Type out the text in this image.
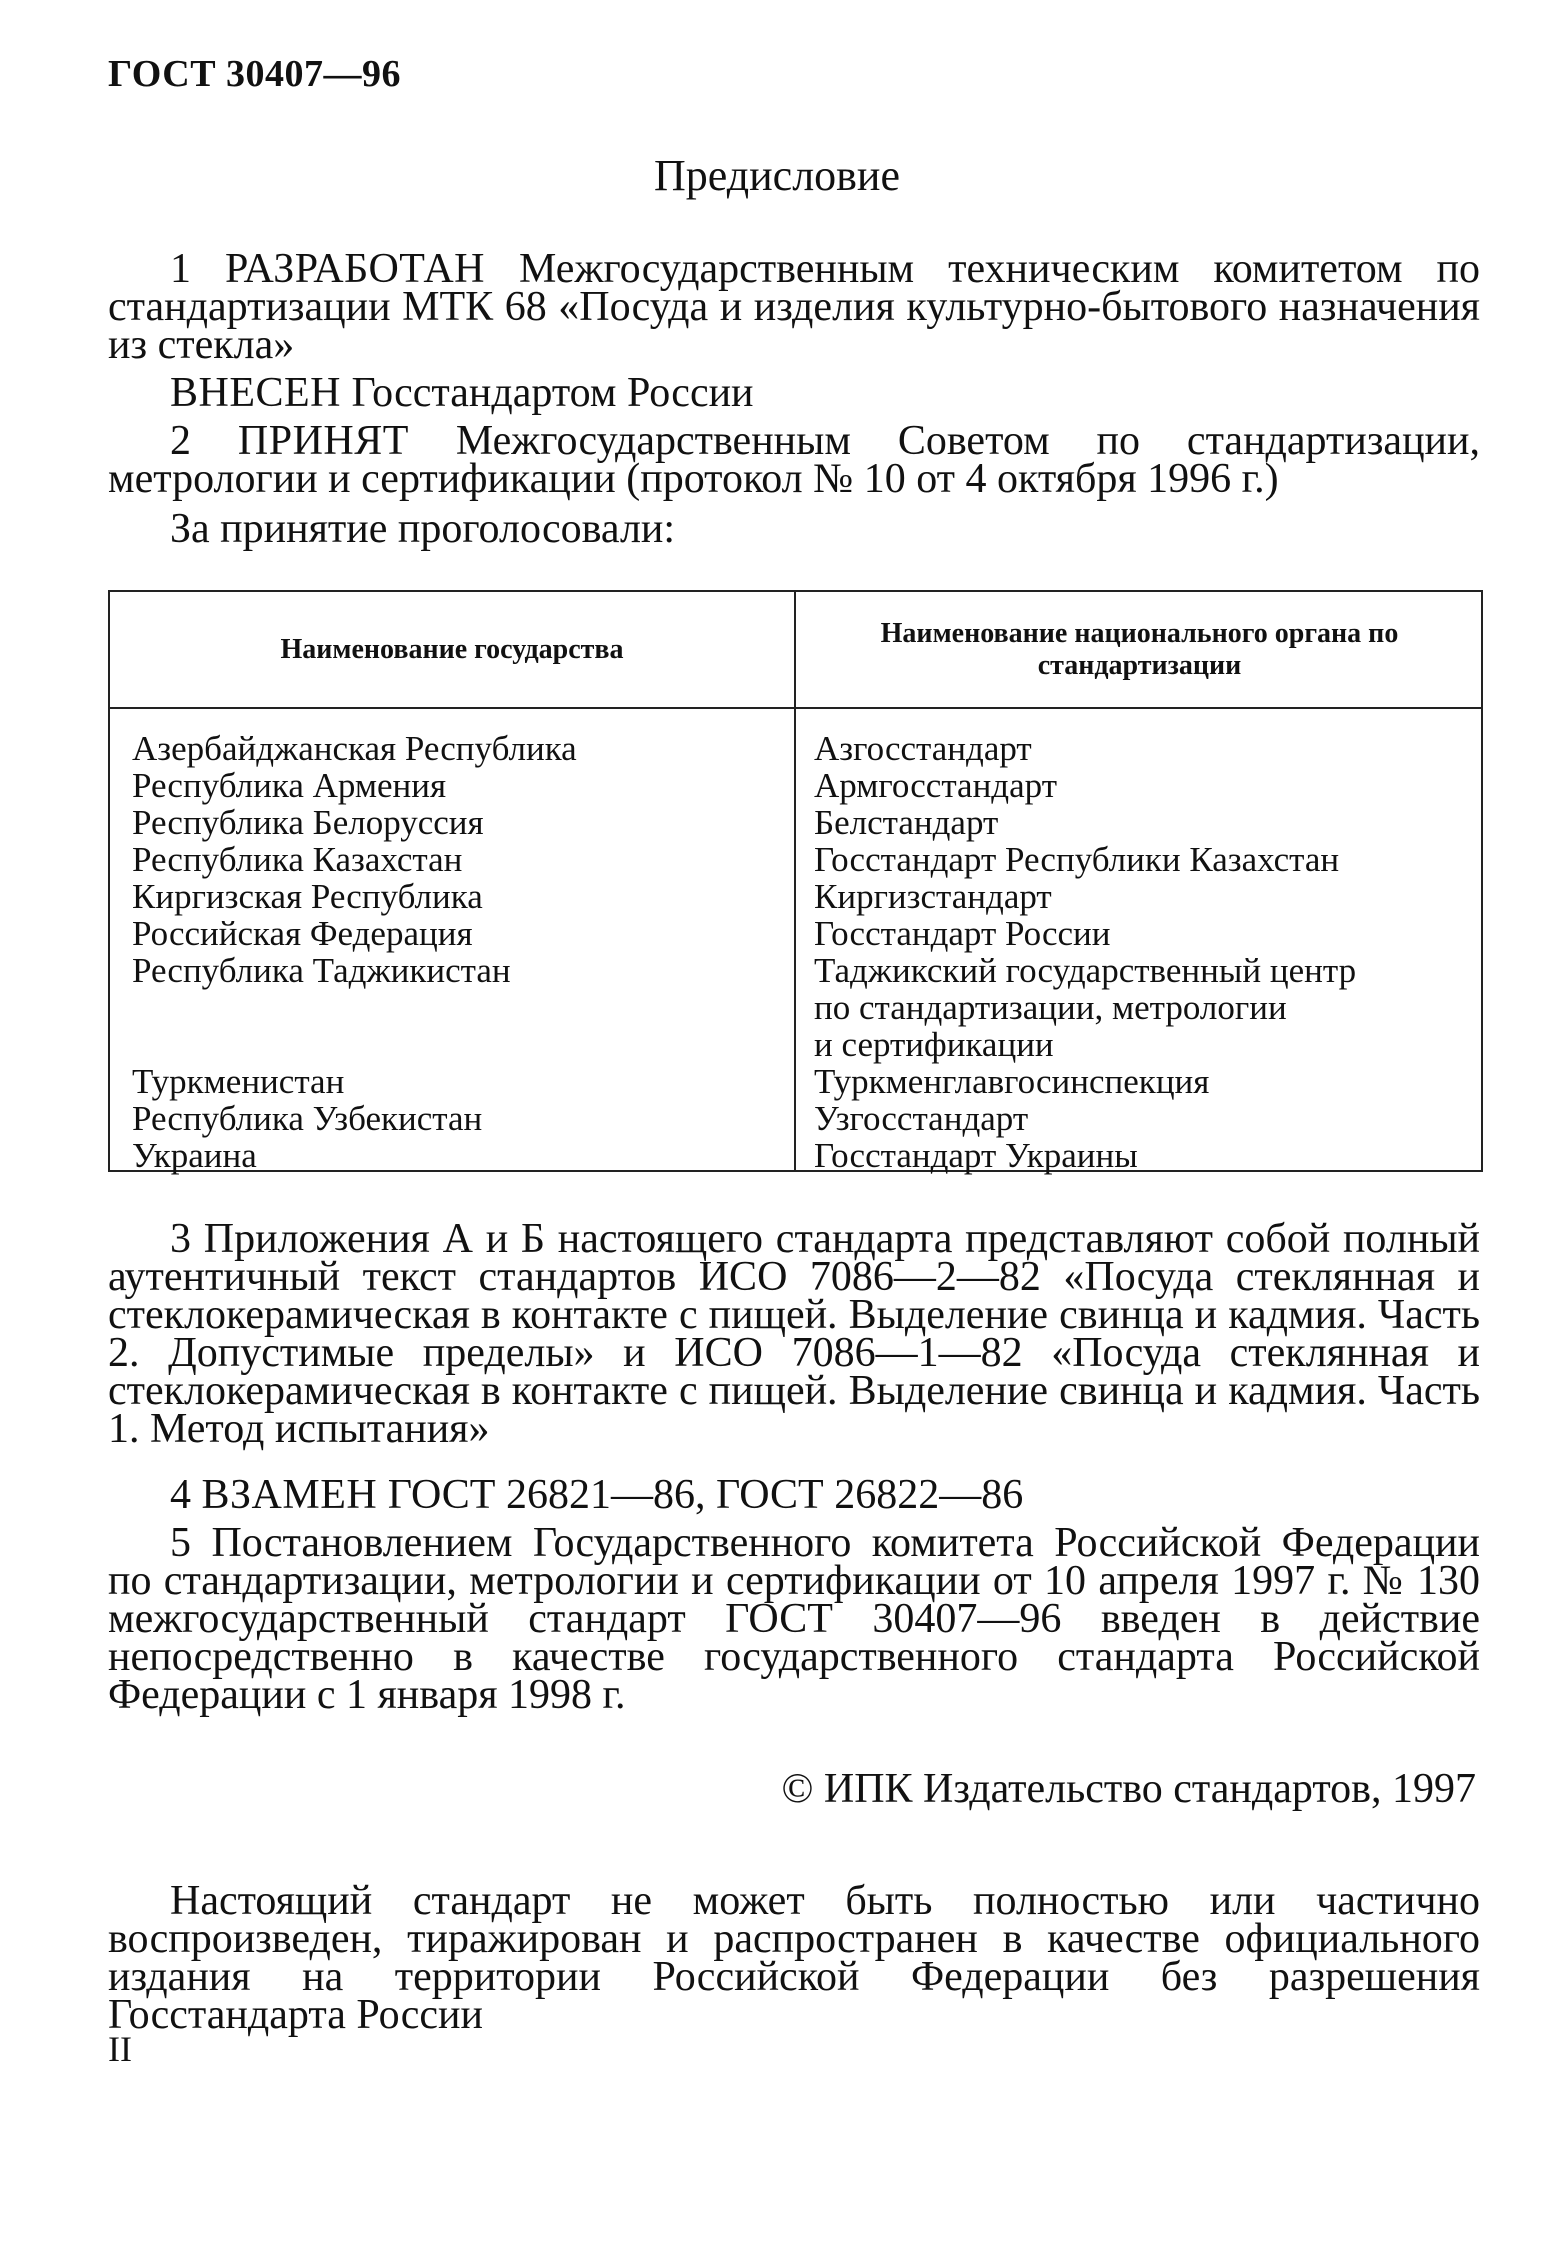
ГОСТ 30407—96
Предисловие
1 РАЗРАБОТАН Межгосударственным техническим комитетом по стандартизации МТК 68 «Посуда и изделия культурно-бытового назначения из стекла»
ВНЕСЕН Госстандартом России
2 ПРИНЯТ Межгосударственным Советом по стандартизации, метрологии и сертификации (протокол № 10 от 4 октября 1996 г.)
За принятие проголосовали:
Наименование государства
Наименование национального органа по стандартизации
Азербайджанская Республика	Азгосстандарт
Республика Армения	Армгосстандарт
Республика Белоруссия	Белстандарт
Республика Казахстан	Госстандарт Республики Казахстан
Киргизская Республика	Киргизстандарт
Российская Федерация	Госстандарт России
Республика Таджикистан	Таджикский государственный центр
по стандартизации, метрологии
и сертификации
Туркменистан	Туркменглавгосинспекция
Республика Узбекистан	Узгосстандарт
Украина	Госстандарт Украины
3 Приложения А и Б настоящего стандарта представляют собой полный аутентичный текст стандартов ИСО 7086—2—82 «Посуда стеклянная и стеклокерамическая в контакте с пищей. Выделение свинца и кадмия. Часть 2. Допустимые пределы» и ИСО 7086—1—82 «Посуда стеклянная и стеклокерамическая в контакте с пищей. Выделение свинца и кадмия. Часть 1. Метод испытания»
4 ВЗАМЕН ГОСТ 26821—86, ГОСТ 26822—86
5 Постановлением Государственного комитета Российской Федерации по стандартизации, метрологии и сертификации от 10 апреля 1997 г. № 130 межгосударственный стандарт ГОСТ 30407—96 введен в действие непосредственно в качестве государственного стандарта Российской Федерации с 1 января 1998 г.
© ИПК Издательство стандартов, 1997
Настоящий стандарт не может быть полностью или частично воспроизведен, тиражирован и распространен в качестве официального издания на территории Российской Федерации без разрешения Госстандарта России
II
